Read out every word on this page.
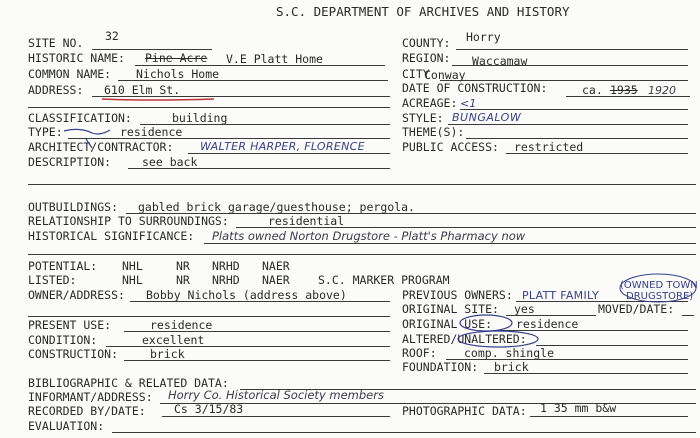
S.C. DEPARTMENT OF ARCHIVES AND HISTORY
SITE NO. 32
HISTORIC NAME: Pine Acre V.E Platt Home
COMMON NAME: Nichols Home
ADDRESS: 610 Elm St.
CLASSIFICATION:	building
TYPE:	residence
ARCHITECT/CONTRACTOR: WALTER HARPER, FLORENCE
DESCRIPTION:	see back
COUNTY: Horry
REGION: Waccamaw
CITY
Conway
DATE OF CONSTRUCTION:	ca. 1935 1920
ACREAGE: <1
STYLE: BUNGALOW
THEME(S):
PUBLIC ACCESS: restricted
OUTBUILDINGS: gabled brick garage/guesthouse; pergola.
RELATIONSHIP TO SURROUNDINGS:	residential
HISTORICAL SIGNIFICANCE: Platts owned Norton Drugstore - Platt's Pharmacy now
POTENTIAL: NHL	NR NRHD NAER
LISTED:	NHL	NR NRHD NAER S.C. MARKER PROGRAM
OWNER/ADDRESS: Bobby Nichols (address above)	PREVIOUS OWNERS: PLATT FAMILY
(OWNED TOWN
DRUGSTORE)
ORIGINAL SITE: yes	MOVED/DATE:
PRESENT USE:	residence
CONDITION:	excellent
CONSTRUCTION:	brick
ORIGINAL USE: residence
ALTERED/UNALTERED:
ROOF: comp. shingle
FOUNDATION: brick
BIBLIOGRAPHIC & RELATED DATA:
INFORMANT/ADDRESS: Horry Co. Historical Society members
RECORDED BY/DATE: Cs 3/15/83	PHOTOGRAPHIC DATA: 1 35 mm b&w
EVALUATION:
